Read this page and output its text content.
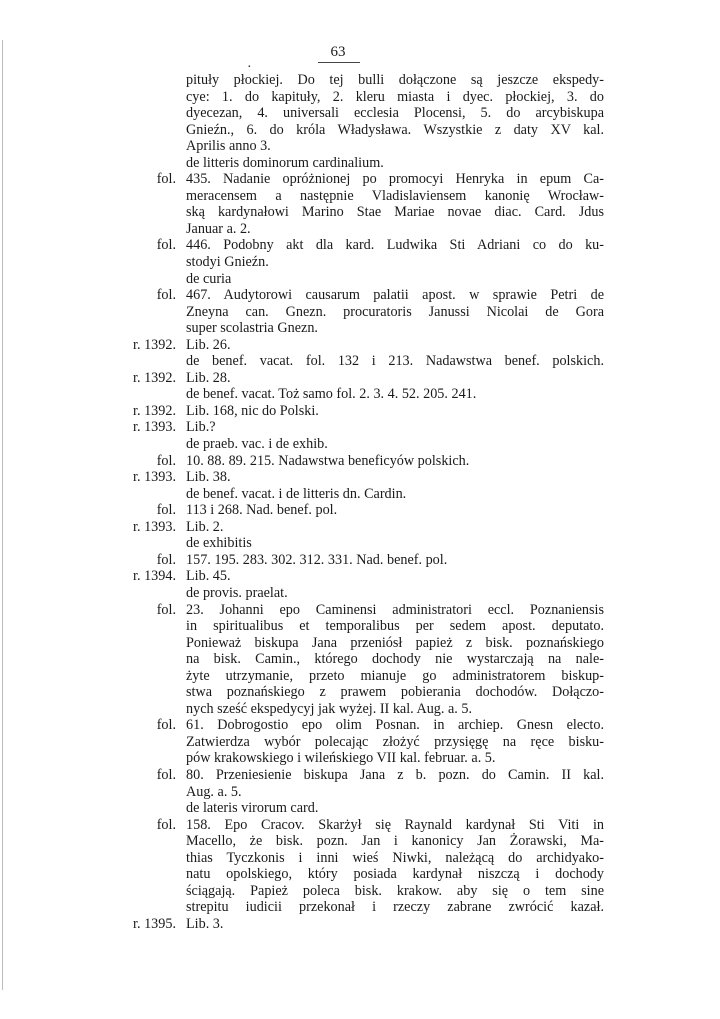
63
·
pituły płockiej. Do tej bulli dołączone są jeszcze ekspedy-
cye: 1. do kapituły, 2. kleru miasta i dyec. płockiej, 3. do
dyecezan, 4. universali ecclesia Plocensi, 5. do arcybiskupa
Gnieźn., 6. do króla Władysława. Wszystkie z daty XV kal.
Aprilis anno 3.
de litteris dominorum cardinalium.
fol. 435. Nadanie opróżnionej po promocyi Henryka in epum Ca-
meracensem a następnie Vladislaviensem kanonię Wrocław-
ską kardynałowi Marino Stae Mariae novae diac. Card. Jdus
Januar a. 2.
fol. 446. Podobny akt dla kard. Ludwika Sti Adriani co do ku-
stodyi Gnieźn.
de curia
fol. 467. Audytorowi causarum palatii apost. w sprawie Petri de
Zneyna can. Gnezn. procuratoris Janussi Nicolai de Gora
super scolastria Gnezn.
r. 1392. Lib. 26.
de benef. vacat. fol. 132 i 213. Nadawstwa benef. polskich.
r. 1392. Lib. 28.
de benef. vacat. Toż samo fol. 2. 3. 4. 52. 205. 241.
r. 1392. Lib. 168, nic do Polski.
r. 1393. Lib.?
de praeb. vac. i de exhib.
fol. 10. 88. 89. 215. Nadawstwa beneficyów polskich.
r. 1393. Lib. 38.
de benef. vacat. i de litteris dn. Cardin.
fol. 113 i 268. Nad. benef. pol.
r. 1393. Lib. 2.
de exhibitis
fol. 157. 195. 283. 302. 312. 331. Nad. benef. pol.
r. 1394. Lib. 45.
de provis. praelat.
fol. 23. Johanni epo Caminensi administratori eccl. Poznaniensis
in spiritualibus et temporalibus per sedem apost. deputato.
Ponieważ biskupa Jana przeniósł papież z bisk. poznańskiego
na bisk. Camin., którego dochody nie wystarczają na nale-
żyte utrzymanie, przeto mianuje go administratorem biskup-
stwa poznańskiego z prawem pobierania dochodów. Dołączo-
nych sześć ekspedycyj jak wyżej. II kal. Aug. a. 5.
fol. 61. Dobrogostio epo olim Posnan. in archiep. Gnesn electo.
Zatwierdza wybór polecając złożyć przysięgę na ręce bisku-
pów krakowskiego i wileńskiego VII kal. februar. a. 5.
fol. 80. Przeniesienie biskupa Jana z b. pozn. do Camin. II kal.
Aug. a. 5.
de lateris virorum card.
fol. 158. Epo Cracov. Skarżył się Raynald kardynał Sti Viti in
Macello, że bisk. pozn. Jan i kanonicy Jan Żorawski, Ma-
thias Tyczkonis i inni wieś Niwki, należącą do archidyako-
natu opolskiego, który posiada kardynał niszczą i dochody
ściągają. Papież poleca bisk. krakow. aby się o tem sine
strepitu iudicii przekonał i rzeczy zabrane zwrócić kazał.
r. 1395. Lib. 3.
